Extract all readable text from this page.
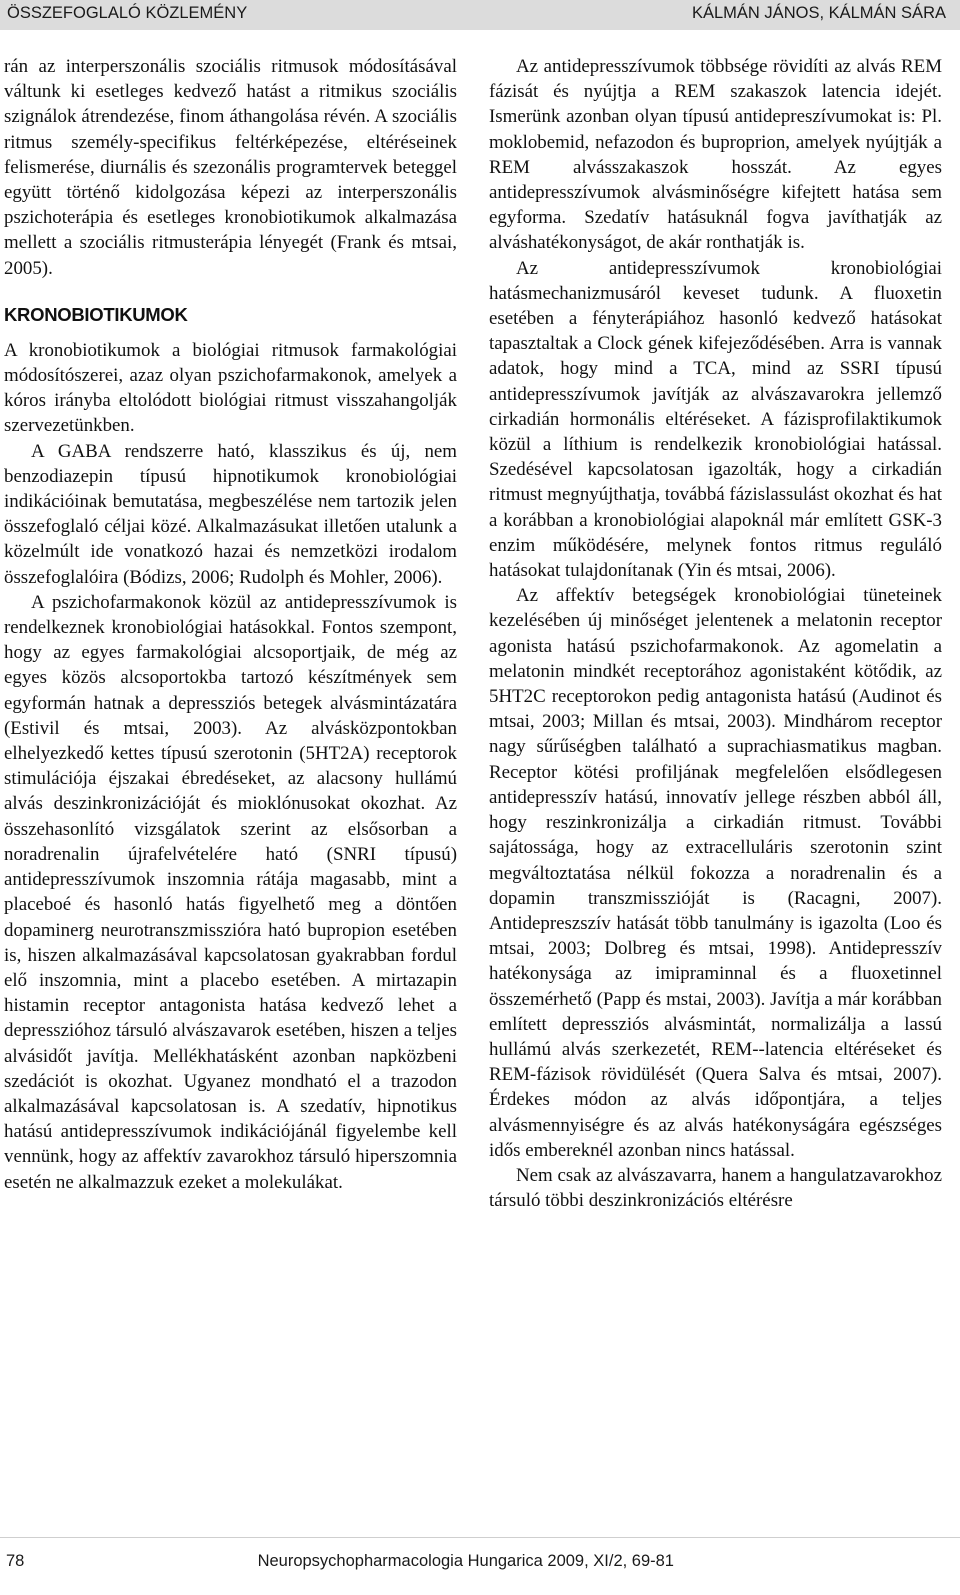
ÖSSZEFOGLALÓ KÖZLEMÉNY	KÁLMÁN JÁNOS, KÁLMÁN SÁRA

rán az interperszonális szociális ritmusok módosításával váltunk ki esetleges kedvező hatást a ritmikus szociális szignálok átrendezése, finom áthangolása révén. A szociális ritmus személy-specifikus feltérképezése, eltéréseinek felismerése, diurnális és szezonális programtervek beteggel együtt történő kidolgozása képezi az interperszonális pszichoterápia és esetleges kronobiotikumok alkalmazása mellett a szociális ritmusterápia lényegét (Frank és mtsai, 2005).

KRONOBIOTIKUMOK

A kronobiotikumok a biológiai ritmusok farmakológiai módosítószerei, azaz olyan pszichofarmakonok, amelyek a kóros irányba eltolódott biológiai ritmust visszahangolják szervezetünkben.

A GABA rendszerre ható, klasszikus és új, nem benzodiazepin típusú hipnotikumok kronobiológiai indikációinak bemutatása, megbeszélése nem tartozik jelen összefoglaló céljai közé. Alkalmazásukat illetően utalunk a közelmúlt ide vonatkozó hazai és nemzetközi irodalom összefoglalóira (Bódizs, 2006; Rudolph és Mohler, 2006).

A pszichofarmakonok közül az antidepresszívumok is rendelkeznek kronobiológiai hatásokkal. Fontos szempont, hogy az egyes farmakológiai alcsoportjaik, de még az egyes közös alcsoportokba tartozó készítmények sem egyformán hatnak a depressziós betegek alvásmintázatára (Estivil és mtsai, 2003). Az alvásközpontokban elhelyezkedő kettes típusú szerotonin (5HT2A) receptorok stimulációja éjszakai ébredéseket, az alacsony hullámú alvás deszinkronizációját és mioklónusokat okozhat. Az összehasonlító vizsgálatok szerint az elsősorban a noradrenalin újrafelvételére ható (SNRI típusú) antidepresszívumok inszomnia rátája magasabb, mint a placeboé és hasonló hatás figyelhető meg a döntően dopaminerg neurotranszmisszióra ható bupropion esetében is, hiszen alkalmazásával kapcsolatosan gyakrabban fordul elő inszomnia, mint a placebo esetében. A mirtazapin histamin receptor antagonista hatása kedvező lehet a depresszióhoz társuló alvászavarok esetében, hiszen a teljes alvásidőt javítja. Mellékhatásként azonban napközbeni szedációt is okozhat. Ugyanez mondható el a trazodon alkalmazásával kapcsolatosan is. A szedatív, hipnotikus hatású antidepresszívumok indikációjánál figyelembe kell vennünk, hogy az affektív zavarokhoz társuló hiperszomnia esetén ne alkalmazzuk ezeket a molekulákat.

Az antidepresszívumok többsége rövidíti az alvás REM fázisát és nyújtja a REM szakaszok latencia idejét. Ismerünk azonban olyan típusú antidepreszívumokat is: Pl. moklobemid, nefazodon és buproprion, amelyek nyújtják a REM alvásszakaszok hosszát. Az egyes antidepresszívumok alvásminőségre kifejtett hatása sem egyforma. Szedatív hatásuknál fogva javíthatják az alváshatékonyságot, de akár ronthatják is.

Az antidepresszívumok kronobiológiai hatásmechanizmusáról keveset tudunk. A fluoxetin esetében a fényterápiához hasonló kedvező hatásokat tapasztaltak a Clock gének kifejeződésében. Arra is vannak adatok, hogy mind a TCA, mind az SSRI típusú antidepresszívumok javítják az alvászavarokra jellemző cirkadián hormonális eltéréseket. A fázisprofilaktikumok közül a líthium is rendelkezik kronobiológiai hatással. Szedésével kapcsolatosan igazolták, hogy a cirkadián ritmust megnyújthatja, továbbá fázislassulást okozhat és hat a korábban a kronobiológiai alapoknál már említett GSK-3 enzim működésére, melynek fontos ritmus reguláló hatásokat tulajdonítanak (Yin és mtsai, 2006).

Az affektív betegségek kronobiológiai tüneteinek kezelésében új minőséget jelentenek a melatonin receptor agonista hatású pszichofarmakonok. Az agomelatin a melatonin mindkét receptorához agonistaként kötődik, az 5HT2C receptorokon pedig antagonista hatású (Audinot és mtsai, 2003; Millan és mtsai, 2003). Mindhárom receptor nagy sűrűségben található a suprachiasmatikus magban. Receptor kötési profiljának megfelelően elsődlegesen antidepresszív hatású, innovatív jellege részben abból áll, hogy reszinkronizálja a cirkadián ritmust. További sajátossága, hogy az extracelluláris szerotonin szint megváltoztatása nélkül fokozza a noradrenalin és a dopamin transzmisszióját is (Racagni, 2007). Antidepreszszív hatását több tanulmány is igazolta (Loo és mtsai, 2003; Dolbreg és mtsai, 1998). Antidepresszív hatékonysága az imipraminnal és a fluoxetinnel összemérhető (Papp és mstai, 2003). Javítja a már korábban említett depressziós alvásmintát, normalizálja a lassú hullámú alvás szerkezetét, REM--latencia eltéréseket és REM-fázisok rövidülését (Quera Salva és mtsai, 2007). Érdekes módon az alvás időpontjára, a teljes alvásmennyiségre és az alvás hatékonyságára egészséges idős embereknél azonban nincs hatással.

Nem csak az alvászavarra, hanem a hangulatzavarokhoz társuló többi deszinkronizációs eltérésre

78	Neuropsychopharmacologia Hungarica 2009, XI/2, 69-81
